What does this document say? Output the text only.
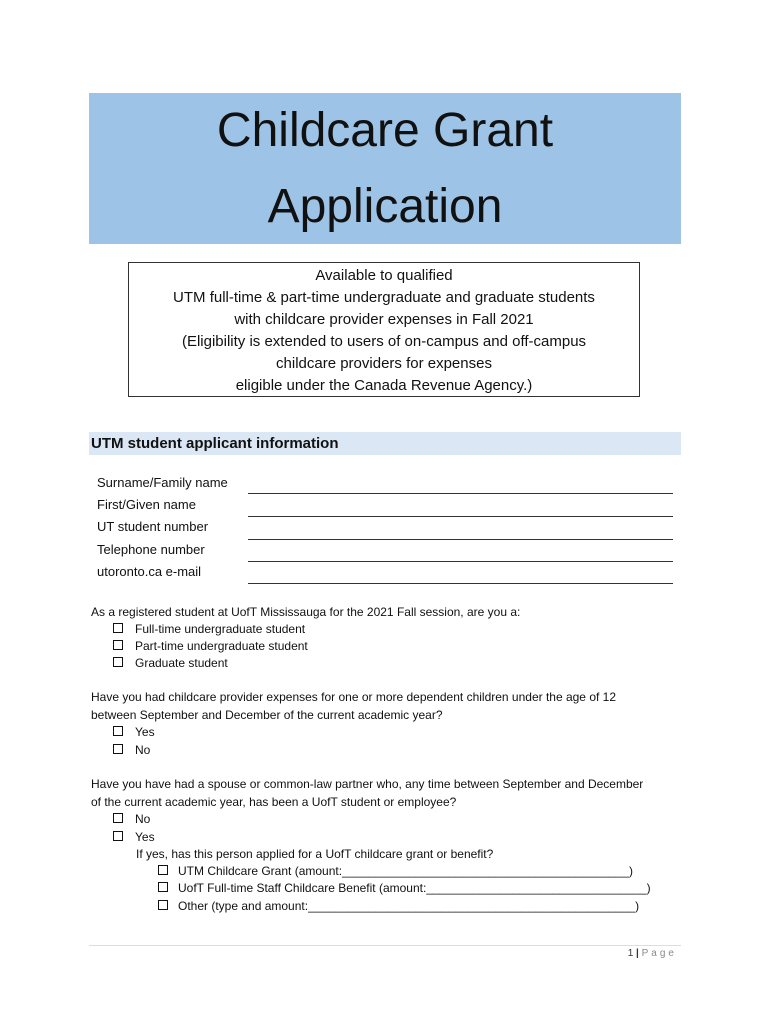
Childcare Grant
Application
Available to qualified
UTM full-time & part-time undergraduate and graduate students
with childcare provider expenses in Fall 2021
(Eligibility is extended to users of on-campus and off-campus
childcare providers for expenses
eligible under the Canada Revenue Agency.)
UTM student applicant information
Surname/Family name
First/Given name
UT student number
Telephone number
utoronto.ca e-mail
As a registered student at UofT Mississauga for the 2021 Fall session, are you a:
Full-time undergraduate student
Part-time undergraduate student
Graduate student
Have you had childcare provider expenses for one or more dependent children under the age of 12
between September and December of the current academic year?
Yes
No
Have you have had a spouse or common-law partner who, any time between September and December
of the current academic year, has been a UofT student or employee?
No
Yes
If yes, has this person applied for a UofT childcare grant or benefit?
UTM Childcare Grant (amount:___________________________________________)
UofT Full-time Staff Childcare Benefit (amount:_________________________________)
Other (type and amount:_________________________________________________)
1 | Page
